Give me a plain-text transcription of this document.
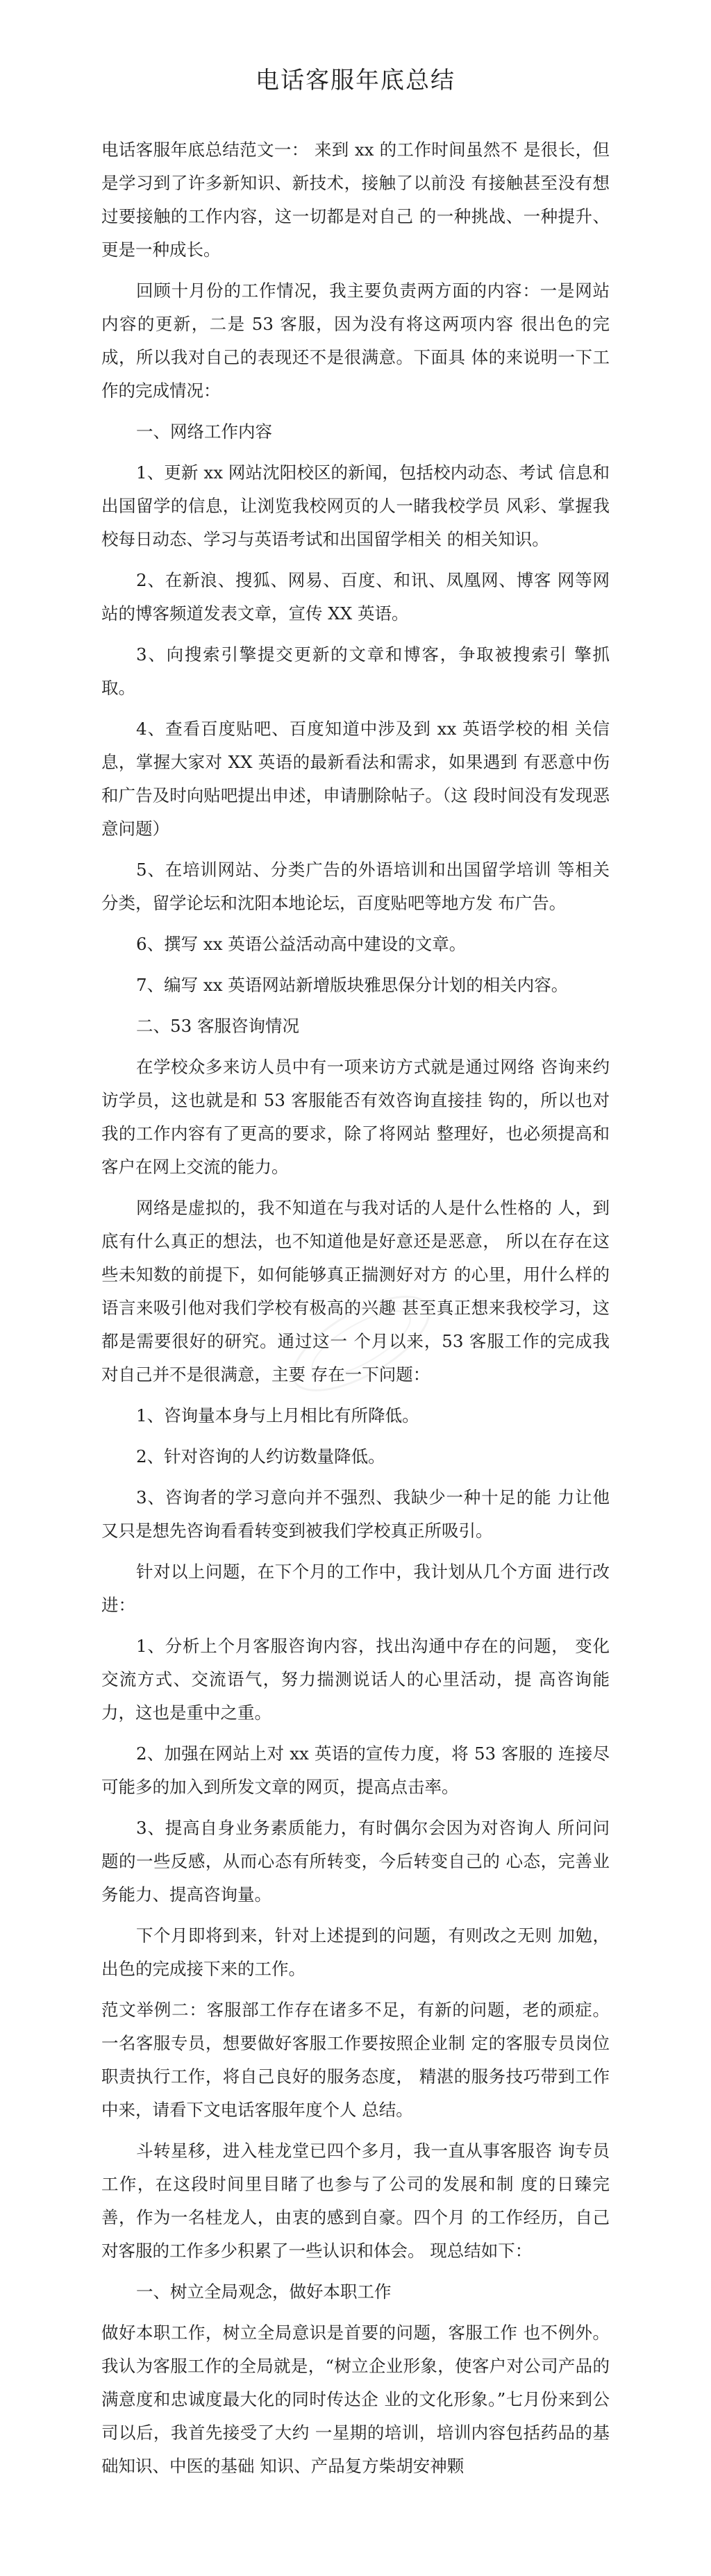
电话客服年底总结

电话客服年底总结范文一： 来到 xx 的工作时间虽然不 是很长，但是学习到了许多新知识、新技术，接触了以前没 有接触甚至没有想过要接触的工作内容，这一切都是对自己 的一种挑战、一种提升、更是一种成长。

回顾十月份的工作情况，我主要负责两方面的内容：一是网站内容的更新，二是 53 客服，因为没有将这两项内容 很出色的完成，所以我对自己的表现还不是很满意。下面具 体的来说明一下工作的完成情况：

一、网络工作内容

1、更新 xx 网站沈阳校区的新闻，包括校内动态、考试 信息和出国留学的信息，让浏览我校网页的人一睹我校学员 风彩、掌握我校每日动态、学习与英语考试和出国留学相关 的相关知识。

2、在新浪、搜狐、网易、百度、和讯、凤凰网、博客 网等网站的博客频道发表文章，宣传 XX 英语。

3、向搜索引擎提交更新的文章和博客，争取被搜索引 擎抓取。

4、查看百度贴吧、百度知道中涉及到 xx 英语学校的相 关信息，掌握大家对 XX 英语的最新看法和需求，如果遇到 有恶意中伤和广告及时向贴吧提出申述，申请删除帖子。（这 段时间没有发现恶意问题）

5、在培训网站、分类广告的外语培训和出国留学培训 等相关分类，留学论坛和沈阳本地论坛，百度贴吧等地方发 布广告。

6、撰写 xx 英语公益活动高中建设的文章。

7、编写 xx 英语网站新增版块雅思保分计划的相关内容。

二、53 客服咨询情况

在学校众多来访人员中有一项来访方式就是通过网络 咨询来约访学员，这也就是和 53 客服能否有效咨询直接挂 钩的，所以也对我的工作内容有了更高的要求，除了将网站 整理好，也必须提高和客户在网上交流的能力。

网络是虚拟的，我不知道在与我对话的人是什么性格的 人，到底有什么真正的想法，也不知道他是好意还是恶意， 所以在存在这些未知数的前提下，如何能够真正揣测好对方 的心里，用什么样的语言来吸引他对我们学校有极高的兴趣 甚至真正想来我校学习，这都是需要很好的研究。通过这一 个月以来，53 客服工作的完成我对自己并不是很满意，主要 存在一下问题：

1、咨询量本身与上月相比有所降低。

2、针对咨询的人约访数量降低。

3、咨询者的学习意向并不强烈、我缺少一种十足的能 力让他又只是想先咨询看看转变到被我们学校真正所吸引。

针对以上问题，在下个月的工作中，我计划从几个方面 进行改进：

1、分析上个月客服咨询内容，找出沟通中存在的问题， 变化交流方式、交流语气，努力揣测说话人的心里活动，提 高咨询能力，这也是重中之重。

2、加强在网站上对 xx 英语的宣传力度，将 53 客服的 连接尽可能多的加入到所发文章的网页，提高点击率。

3、提高自身业务素质能力，有时偶尔会因为对咨询人 所问问题的一些反感，从而心态有所转变，今后转变自己的 心态，完善业务能力、提高咨询量。

下个月即将到来，针对上述提到的问题，有则改之无则 加勉，出色的完成接下来的工作。

范文举例二：客服部工作存在诸多不足，有新的问题，老的顽症。一名客服专员，想要做好客服工作要按照企业制 定的客服专员岗位职责执行工作，将自己良好的服务态度， 精湛的服务技巧带到工作中来，请看下文电话客服年度个人 总结。

斗转星移，进入桂龙堂已四个多月，我一直从事客服咨 询专员工作，在这段时间里目睹了也参与了公司的发展和制 度的日臻完善，作为一名桂龙人，由衷的感到自豪。四个月 的工作经历，自己对客服的工作多少积累了一些认识和体会。 现总结如下：

一、树立全局观念，做好本职工作

做好本职工作，树立全局意识是首要的问题，客服工作 也不例外。我认为客服工作的全局就是，“树立企业形象，使客户对公司产品的满意度和忠诚度最大化的同时传达企 业的文化形象。”七月份来到公司以后，我首先接受了大约 一星期的培训，培训内容包括药品的基础知识、中医的基础 知识、产品复方柴胡安神颗
